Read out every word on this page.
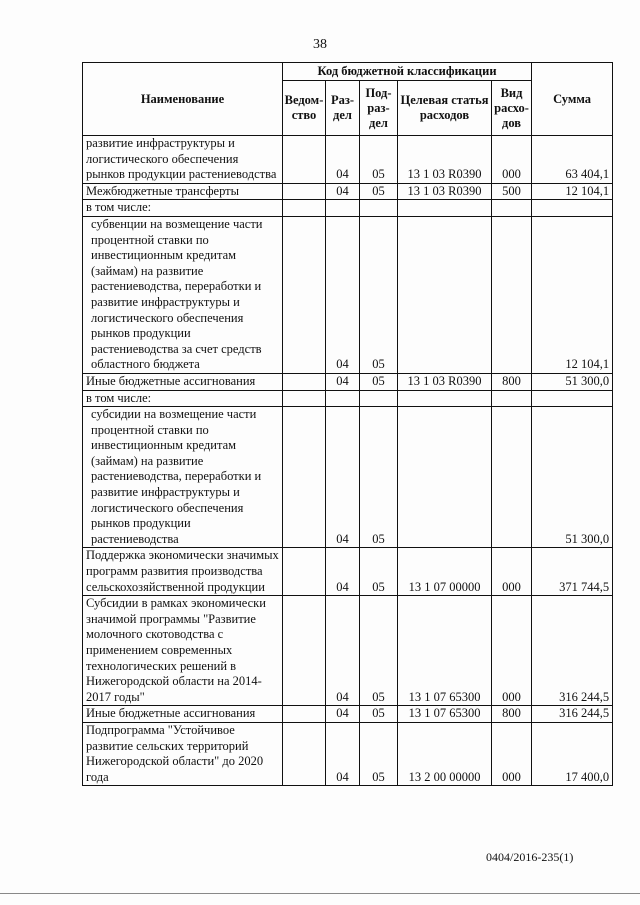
38
Наименование	Код бюджетной классификации					Сумма
	Ведом-ство	Раз-дел	Под-раз-дел	Целевая статья расходов	Вид расхо-дов	
развитие инфраструктуры и логистического обеспечения рынков продукции растениеводства		04	05	13 1 03 R0390	000	63 404,1
Межбюджетные трансферты		04	05	13 1 03 R0390	500	12 104,1
в том числе:						
субвенции на возмещение части процентной ставки по инвестиционным кредитам (займам) на развитие растениеводства, переработки и развитие инфраструктуры и логистического обеспечения рынков продукции растениеводства за счет средств областного бюджета		04	05			12 104,1
Иные бюджетные ассигнования		04	05	13 1 03 R0390	800	51 300,0
в том числе:						
субсидии на возмещение части процентной ставки по инвестиционным кредитам (займам) на развитие растениеводства, переработки и развитие инфраструктуры и логистического обеспечения рынков продукции растениеводства		04	05			51 300,0
Поддержка экономически значимых программ развития производства сельскохозяйственной продукции		04	05	13 1 07 00000	000	371 744,5
Субсидии в рамках экономически значимой программы "Развитие молочного скотоводства с применением современных технологических решений в Нижегородской области на 2014-2017 годы"		04	05	13 1 07 65300	000	316 244,5
Иные бюджетные ассигнования		04	05	13 1 07 65300	800	316 244,5
Подпрограмма "Устойчивое развитие сельских территорий Нижегородской области" до 2020 года		04	05	13 2 00 00000	000	17 400,0
0404/2016-235(1)
